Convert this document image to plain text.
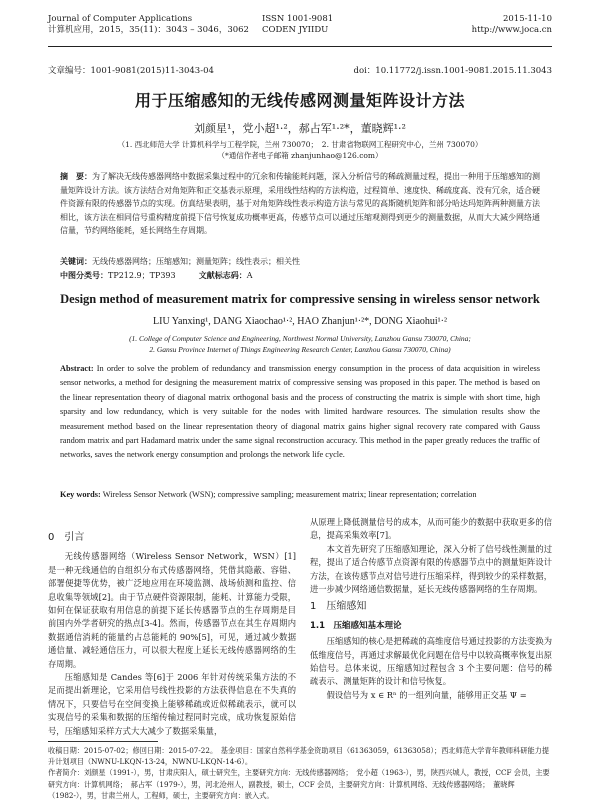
Journal of Computer Applications
计算机应用，2015，35(11)：3043 – 3046，3062
ISSN 1001-9081
CODEN JYIIDU
2015-11-10
http://www.joca.cn
文章编号：1001-9081(2015)11-3043-04	doi：10.11772/j.issn.1001-9081.2015.11.3043
用于压缩感知的无线传感网测量矩阵设计方法
刘颜星¹，党小超¹·²，郝占军¹·²*，董晓辉¹·²
（1. 西北师范大学 计算机科学与工程学院，兰州 730070；　2. 甘肃省物联网工程研究中心，兰州 730070）
（*通信作者电子邮箱 zhanjunhao@126.com）
摘　要：为了解决无线传感器网络中数据采集过程中的冗余和传输能耗问题，深入分析信号的稀疏测量过程，提出一种用于压缩感知的测量矩阵设计方法。该方法结合对角矩阵和正交基表示原理，采用线性结构的方法构造，过程简单、速度快、稀疏度高、没有冗余，适合硬件资源有限的传感器节点的实现。仿真结果表明，基于对角矩阵线性表示构造方法与常见的高斯随机矩阵和部分哈达玛矩阵两种测量方法相比，该方法在相同信号重构精度前提下信号恢复成功概率更高，传感节点可以通过压缩观测得到更少的测量数据，从而大大减少网络通信量，节约网络能耗，延长网络生存周期。
关键词：无线传感器网络；压缩感知；测量矩阵；线性表示；相关性
中图分类号：TP212.9；TP393	文献标志码：A
Design method of measurement matrix for compressive sensing in wireless sensor network
LIU Yanxing¹, DANG Xiaochao¹·², HAO Zhanjun¹·²*, DONG Xiaohui¹·²
(1. College of Computer Science and Engineering, Northwest Normal University, Lanzhou Gansu 730070, China;
2. Gansu Province Internet of Things Engineering Research Center, Lanzhou Gansu 730070, China)
Abstract: In order to solve the problem of redundancy and transmission energy consumption in the process of data acquisition in wireless sensor networks, a method for designing the measurement matrix of compressive sensing was proposed in this paper. The method is based on the linear representation theory of diagonal matrix orthogonal basis and the process of constructing the matrix is simple with short time, high sparsity and low redundancy, which is very suitable for the nodes with limited hardware resources. The simulation results show the measurement method based on the linear representation theory of diagonal matrix gains higher signal recovery rate compared with Gauss random matrix and part Hadamard matrix under the same signal reconstruction accuracy. This method in the paper greatly reduces the traffic of networks, saves the network energy consumption and prolongs the network life cycle.
Key words: Wireless Sensor Network (WSN); compressive sampling; measurement matrix; linear representation; correlation
0　引言

无线传感器网络（Wireless Sensor Network，WSN）[1]是一种无线通信的自组织分布式传感器网络，凭借其隐蔽、容错、部署便捷等优势，被广泛地应用在环境监测、战场侦测和监控、信息收集等领域[2]。由于节点硬件资源限制，能耗、计算能力受限，如何在保证获取有用信息的前提下延长传感器节点的生存周期是目前国内外学者研究的热点[3-4]。然而，传感器节点在其生存周期内数据通信消耗的能量约占总能耗的 90%[5]，可见，通过减少数据通信量、减轻通信压力，可以很大程度上延长无线传感器网络的生存周期。

压缩感知是 Candes 等[6]于 2006 年针对传统采集方法的不足而提出新理论，它采用信号线性投影的方法获得信息在不失真的情况下，只要信号在空间变换上能够稀疏或近似稀疏表示，就可以实现信号的采集和数据的压缩传输过程同时完成，成功恢复原始信号，压缩感知采样方式大大减少了数据采集量，

从原理上降低测量信号的成本，从而可能少的数据中获取更多的信息，提高采集效率[7]。

本文首先研究了压缩感知理论，深入分析了信号线性测量的过程，提出了适合传感节点资源有限的传感器节点中的测量矩阵设计方法，在该传感节点对信号进行压缩采样，得到较少的采样数据，进一步减少网络通信数据量，延长无线传感器网络的生存周期。

1　压缩感知
1.1　压缩感知基本理论

压缩感知的核心是把稀疏的高维度信号通过投影的方法变换为低维度信号，再通过求解最优化问题在信号中以较高概率恢复出原始信号。总体来说，压缩感知过程包含 3 个主要问题：信号的稀疏表示、测量矩阵的设计和信号恢复。

假设信号为 x ∈ Rⁿ 的一组列向量，能够用正交基 Ψ =

收稿日期：2015-07-02；修回日期：2015-07-22。　基金项目：国家自然科学基金资助项目（61363059，61363058）；西北师范大学青年教师科研能力提升计划项目（NWNU-LKQN-13-24，NWNU-LKQN-14-6）。
作者简介：刘颜星（1991-），男，甘肃庆阳人，硕士研究生，主要研究方向：无线传感器网络；　党小超（1963-），男，陕西兴城人，教授，CCF 会员，主要研究方向：计算机网络；　郝占军（1979-），男，河北沧州人，副教授，硕士，CCF 会员，主要研究方向：计算机网络、无线传感器网络；　董晓辉（1982-），男，甘肃兰州人，工程师，硕士，主要研究方向：嵌入式。
